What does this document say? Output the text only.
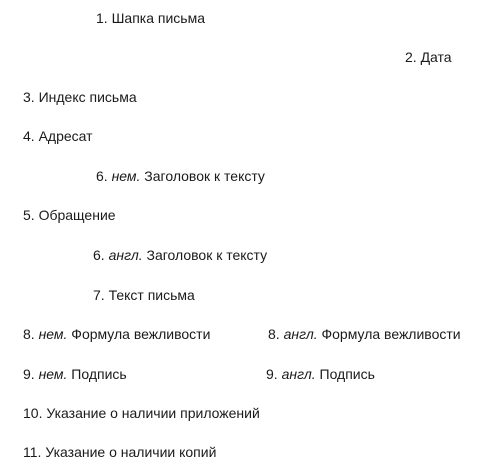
1. Шапка письма
2. Дата
3. Индекс письма
4. Адресат
6. нем. Заголовок к тексту
5. Обращение
6. англ. Заголовок к тексту
7. Текст письма
8. нем. Формула вежливости	8. англ. Формула вежливости
9. нем. Подпись	9. англ. Подпись
10. Указание о наличии приложений
11. Указание о наличии копий
